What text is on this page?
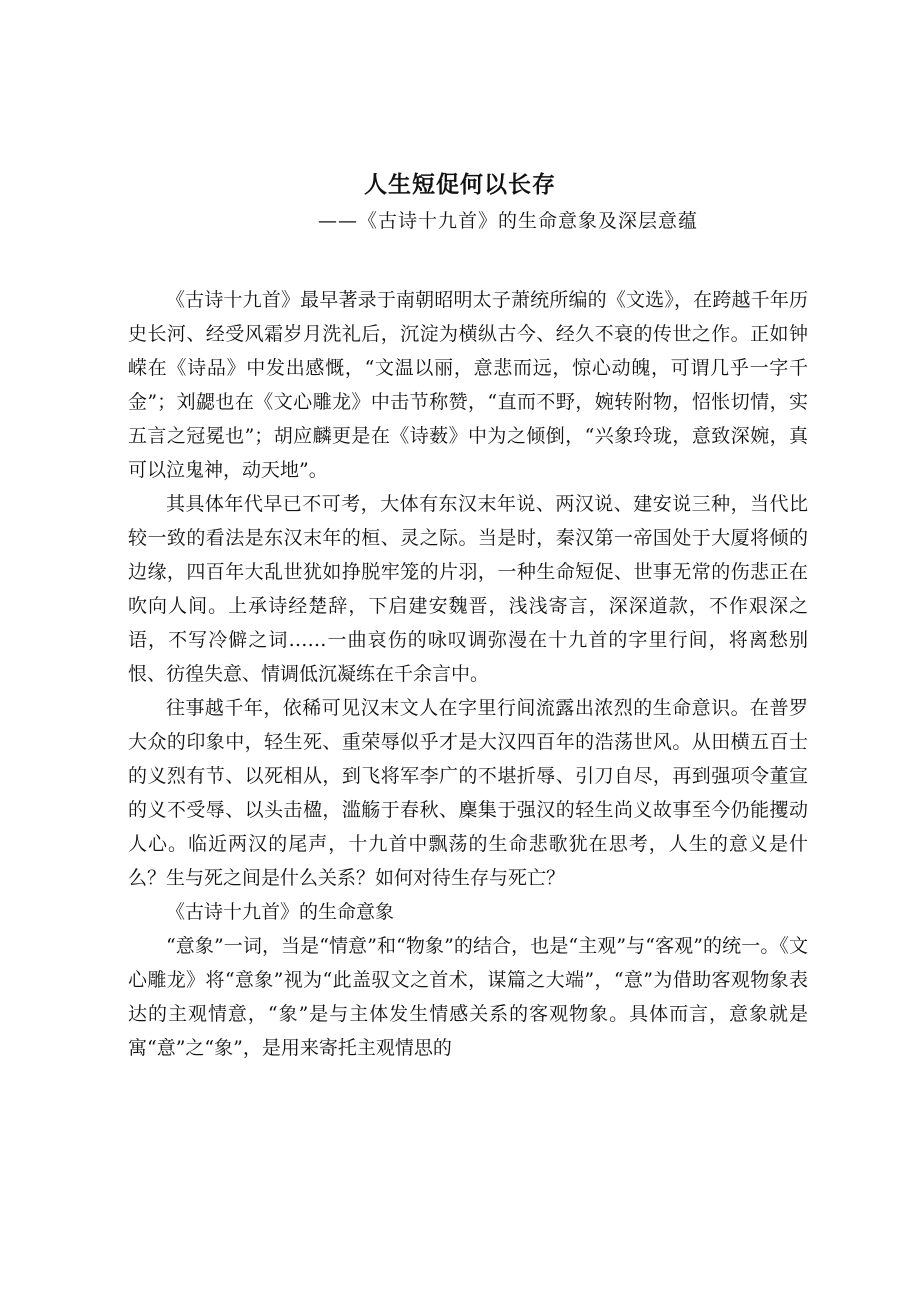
人生短促何以长存
——《古诗十九首》的生命意象及深层意蕴

《古诗十九首》最早著录于南朝昭明太子萧统所编的《文选》，在跨越千年历史长河、经受风霜岁月洗礼后，沉淀为横纵古今、经久不衰的传世之作。正如钟嵘在《诗品》中发出感慨，“文温以丽，意悲而远，惊心动魄，可谓几乎一字千金”；刘勰也在《文心雕龙》中击节称赞，“直而不野，婉转附物，怊怅切情，实五言之冠冕也”；胡应麟更是在《诗薮》中为之倾倒，“兴象玲珑，意致深婉，真可以泣鬼神，动天地”。

其具体年代早已不可考，大体有东汉末年说、两汉说、建安说三种，当代比较一致的看法是东汉末年的桓、灵之际。当是时，秦汉第一帝国处于大厦将倾的边缘，四百年大乱世犹如挣脱牢笼的片羽，一种生命短促、世事无常的伤悲正在吹向人间。上承诗经楚辞，下启建安魏晋，浅浅寄言，深深道款，不作艰深之语，不写冷僻之词……一曲哀伤的咏叹调弥漫在十九首的字里行间，将离愁别恨、彷徨失意、情调低沉凝练在千余言中。

往事越千年，依稀可见汉末文人在字里行间流露出浓烈的生命意识。在普罗大众的印象中，轻生死、重荣辱似乎才是大汉四百年的浩荡世风。从田横五百士的义烈有节、以死相从，到飞将军李广的不堪折辱、引刀自尽，再到强项令董宣的义不受辱、以头击楹，滥觞于春秋、麇集于强汉的轻生尚义故事至今仍能攫动人心。临近两汉的尾声，十九首中飘荡的生命悲歌犹在思考，人生的意义是什么？生与死之间是什么关系？如何对待生存与死亡？

《古诗十九首》的生命意象

“意象”一词，当是“情意”和“物象”的结合，也是“主观”与“客观”的统一。《文心雕龙》将“意象”视为“此盖驭文之首术，谋篇之大端”，“意”为借助客观物象表达的主观情意，“象”是与主体发生情感关系的客观物象。具体而言，意象就是寓“意”之“象”，是用来寄托主观情思的
